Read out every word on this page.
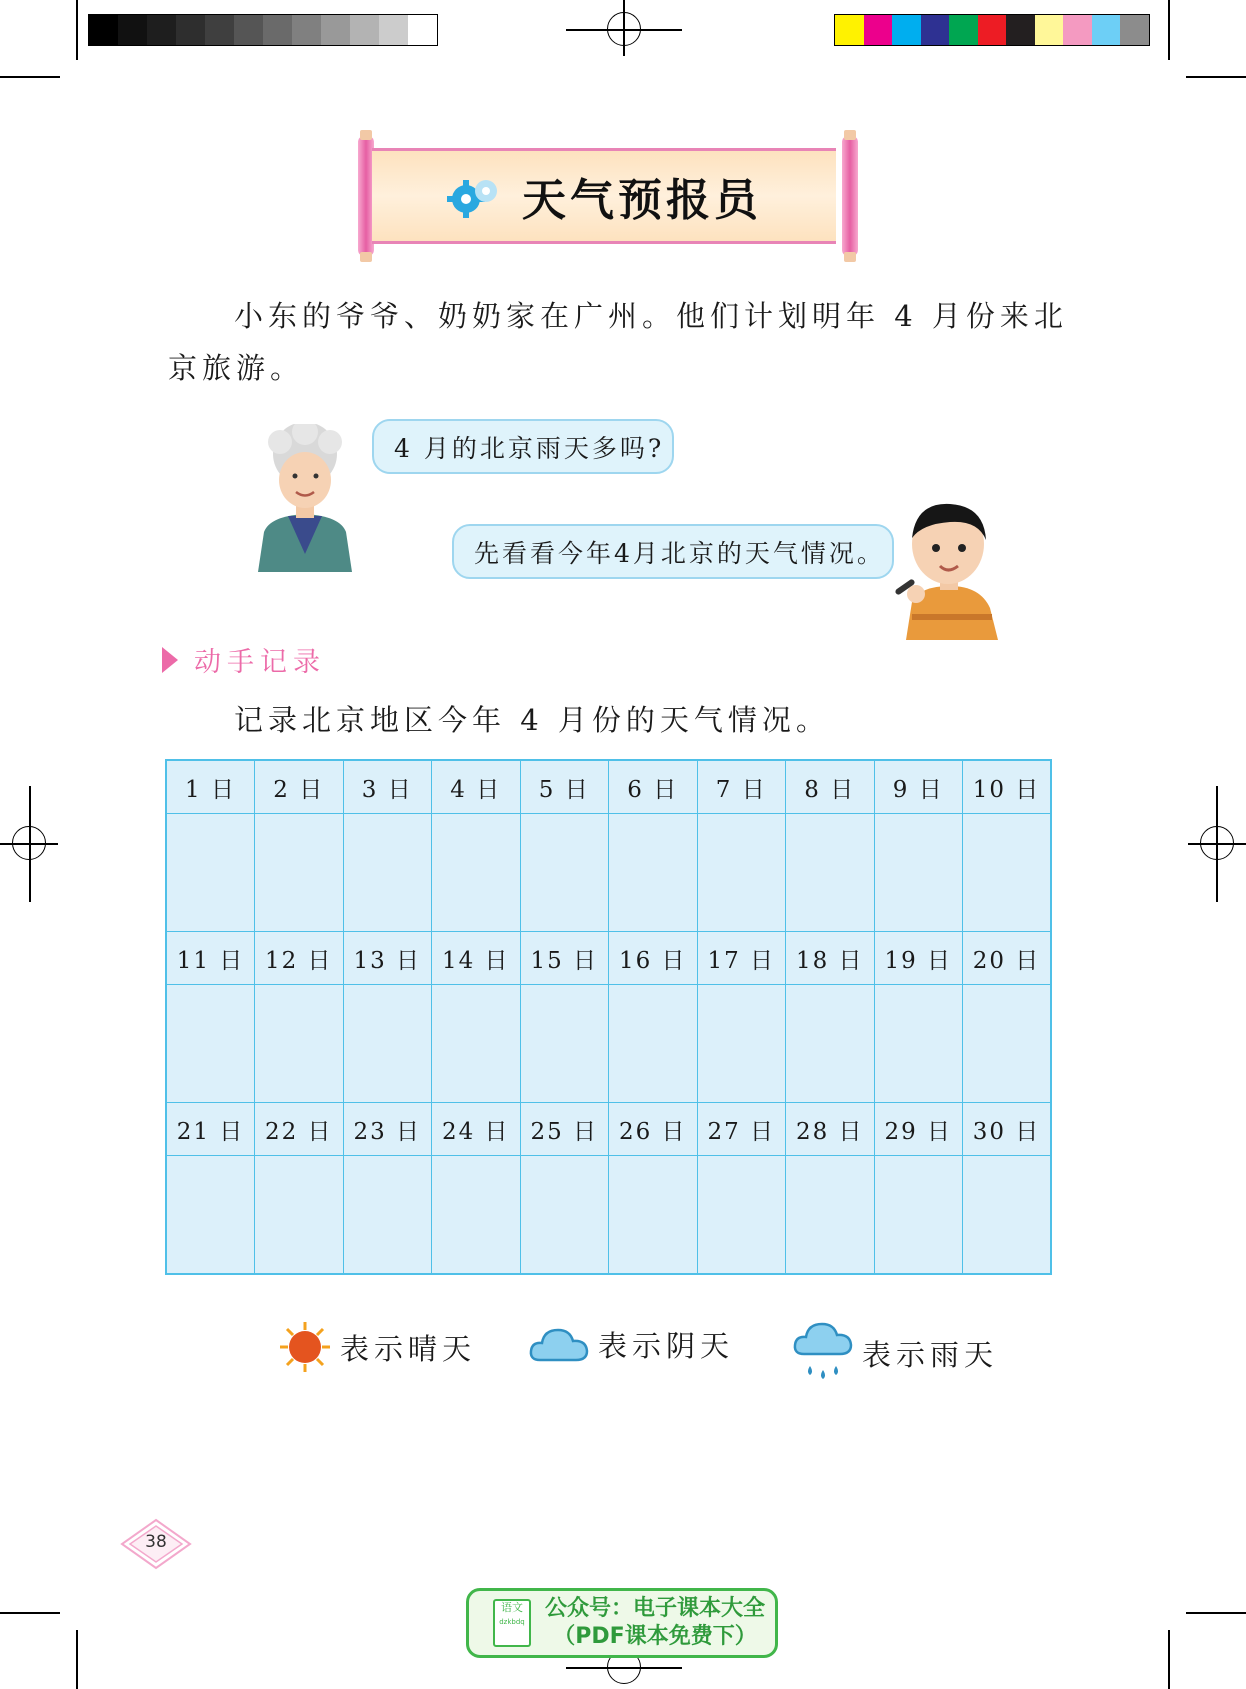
天气预报员
小东的爷爷、奶奶家在广州。他们计划明年 4 月份来北
京旅游。
4 月的北京雨天多吗?
先看看今年4月北京的天气情况。
动手记录
记录北京地区今年 4 月份的天气情况。
1 日	2 日	3 日	4 日	5 日	6 日	7 日	8 日	9 日	10 日

11 日	12 日	13 日	14 日	15 日	16 日	17 日	18 日	19 日	20 日

21 日	22 日	23 日	24 日	25 日	26 日	27 日	28 日	29 日	30 日

表示晴天	表示阴天	表示雨天
38
语文
dzkbdq
公众号：电子课本大全
（PDF课本免费下）
